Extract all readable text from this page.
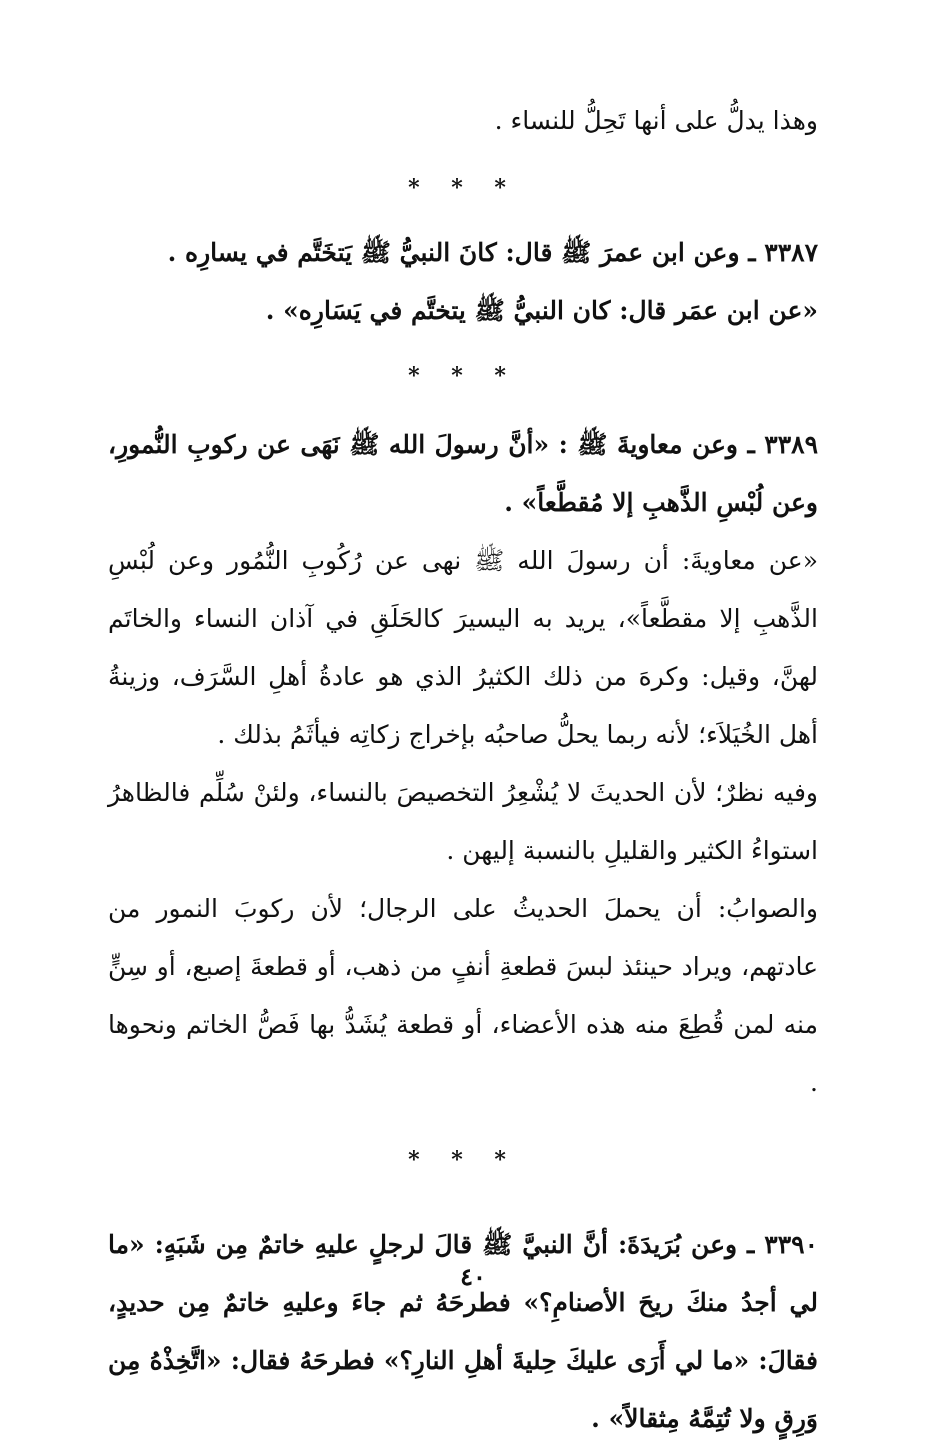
وهذا يدلُّ على أنها تَحِلُّ للنساء .

* * *

٣٣٨٧ ـ وعن ابن عمرَ ﷺ قال: كانَ النبيُّ ﷺ يَتخَتَّم في يسارِه .

«عن ابن عمَر قال: كان النبيُّ ﷺ يتختَّم في يَسَارِه» .

* * *

٣٣٨٩ ـ وعن معاويةَ ﷺ : «أنَّ رسولَ الله ﷺ نَهَى عن ركوبِ النُّمورِ، وعن لُبْسِ الذَّهبِ إلا مُقطَّعاً» .

«عن معاويةَ: أن رسولَ الله ﷺ نهى عن رُكُوبِ النُّمُور وعن لُبْسِ الذَّهبِ إلا مقطَّعاً»، يريد به اليسيرَ كالحَلَقِ في آذان النساء والخاتَم لهنَّ، وقيل: وكرهَ من ذلك الكثيرُ الذي هو عادةُ أهلِ السَّرَف، وزينةُ أهل الخُيَلاَء؛ لأنه ربما يحلُّ صاحبُه بإخراج زكاتِه فيأثَمُ بذلك .

وفيه نظرٌ؛ لأن الحديثَ لا يُشْعِرُ التخصيصَ بالنساء، ولئنْ سُلِّم فالظاهرُ استواءُ الكثير والقليلِ بالنسبة إليهن .

والصوابُ: أن يحملَ الحديثُ على الرجال؛ لأن ركوبَ النمور من عادتهم، ويراد حينئذ لبسَ قطعةِ أنفٍ من ذهب، أو قطعةَ إصبع، أو سِنٍّ منه لمن قُطِعَ منه هذه الأعضاء، أو قطعة يُشَدُّ بها فَصُّ الخاتم ونحوها .

* * *

٣٣٩٠ ـ وعن بُرَيدَةَ: أنَّ النبيَّ ﷺ قالَ لرجلٍ عليهِ خاتمٌ مِن شَبَهٍ: «ما لي أجدُ منكَ ريحَ الأصنامِ؟» فطرحَهُ ثم جاءَ وعليهِ خاتمٌ مِن حديدٍ، فقالَ: «ما لي أَرَى عليكَ حِليةَ أهلِ النارِ؟» فطرحَهُ فقال: «اتَّخِذْهُ مِن وَرِقٍ ولا تُتِمَّهُ مِثقالاً» .

٤٠
